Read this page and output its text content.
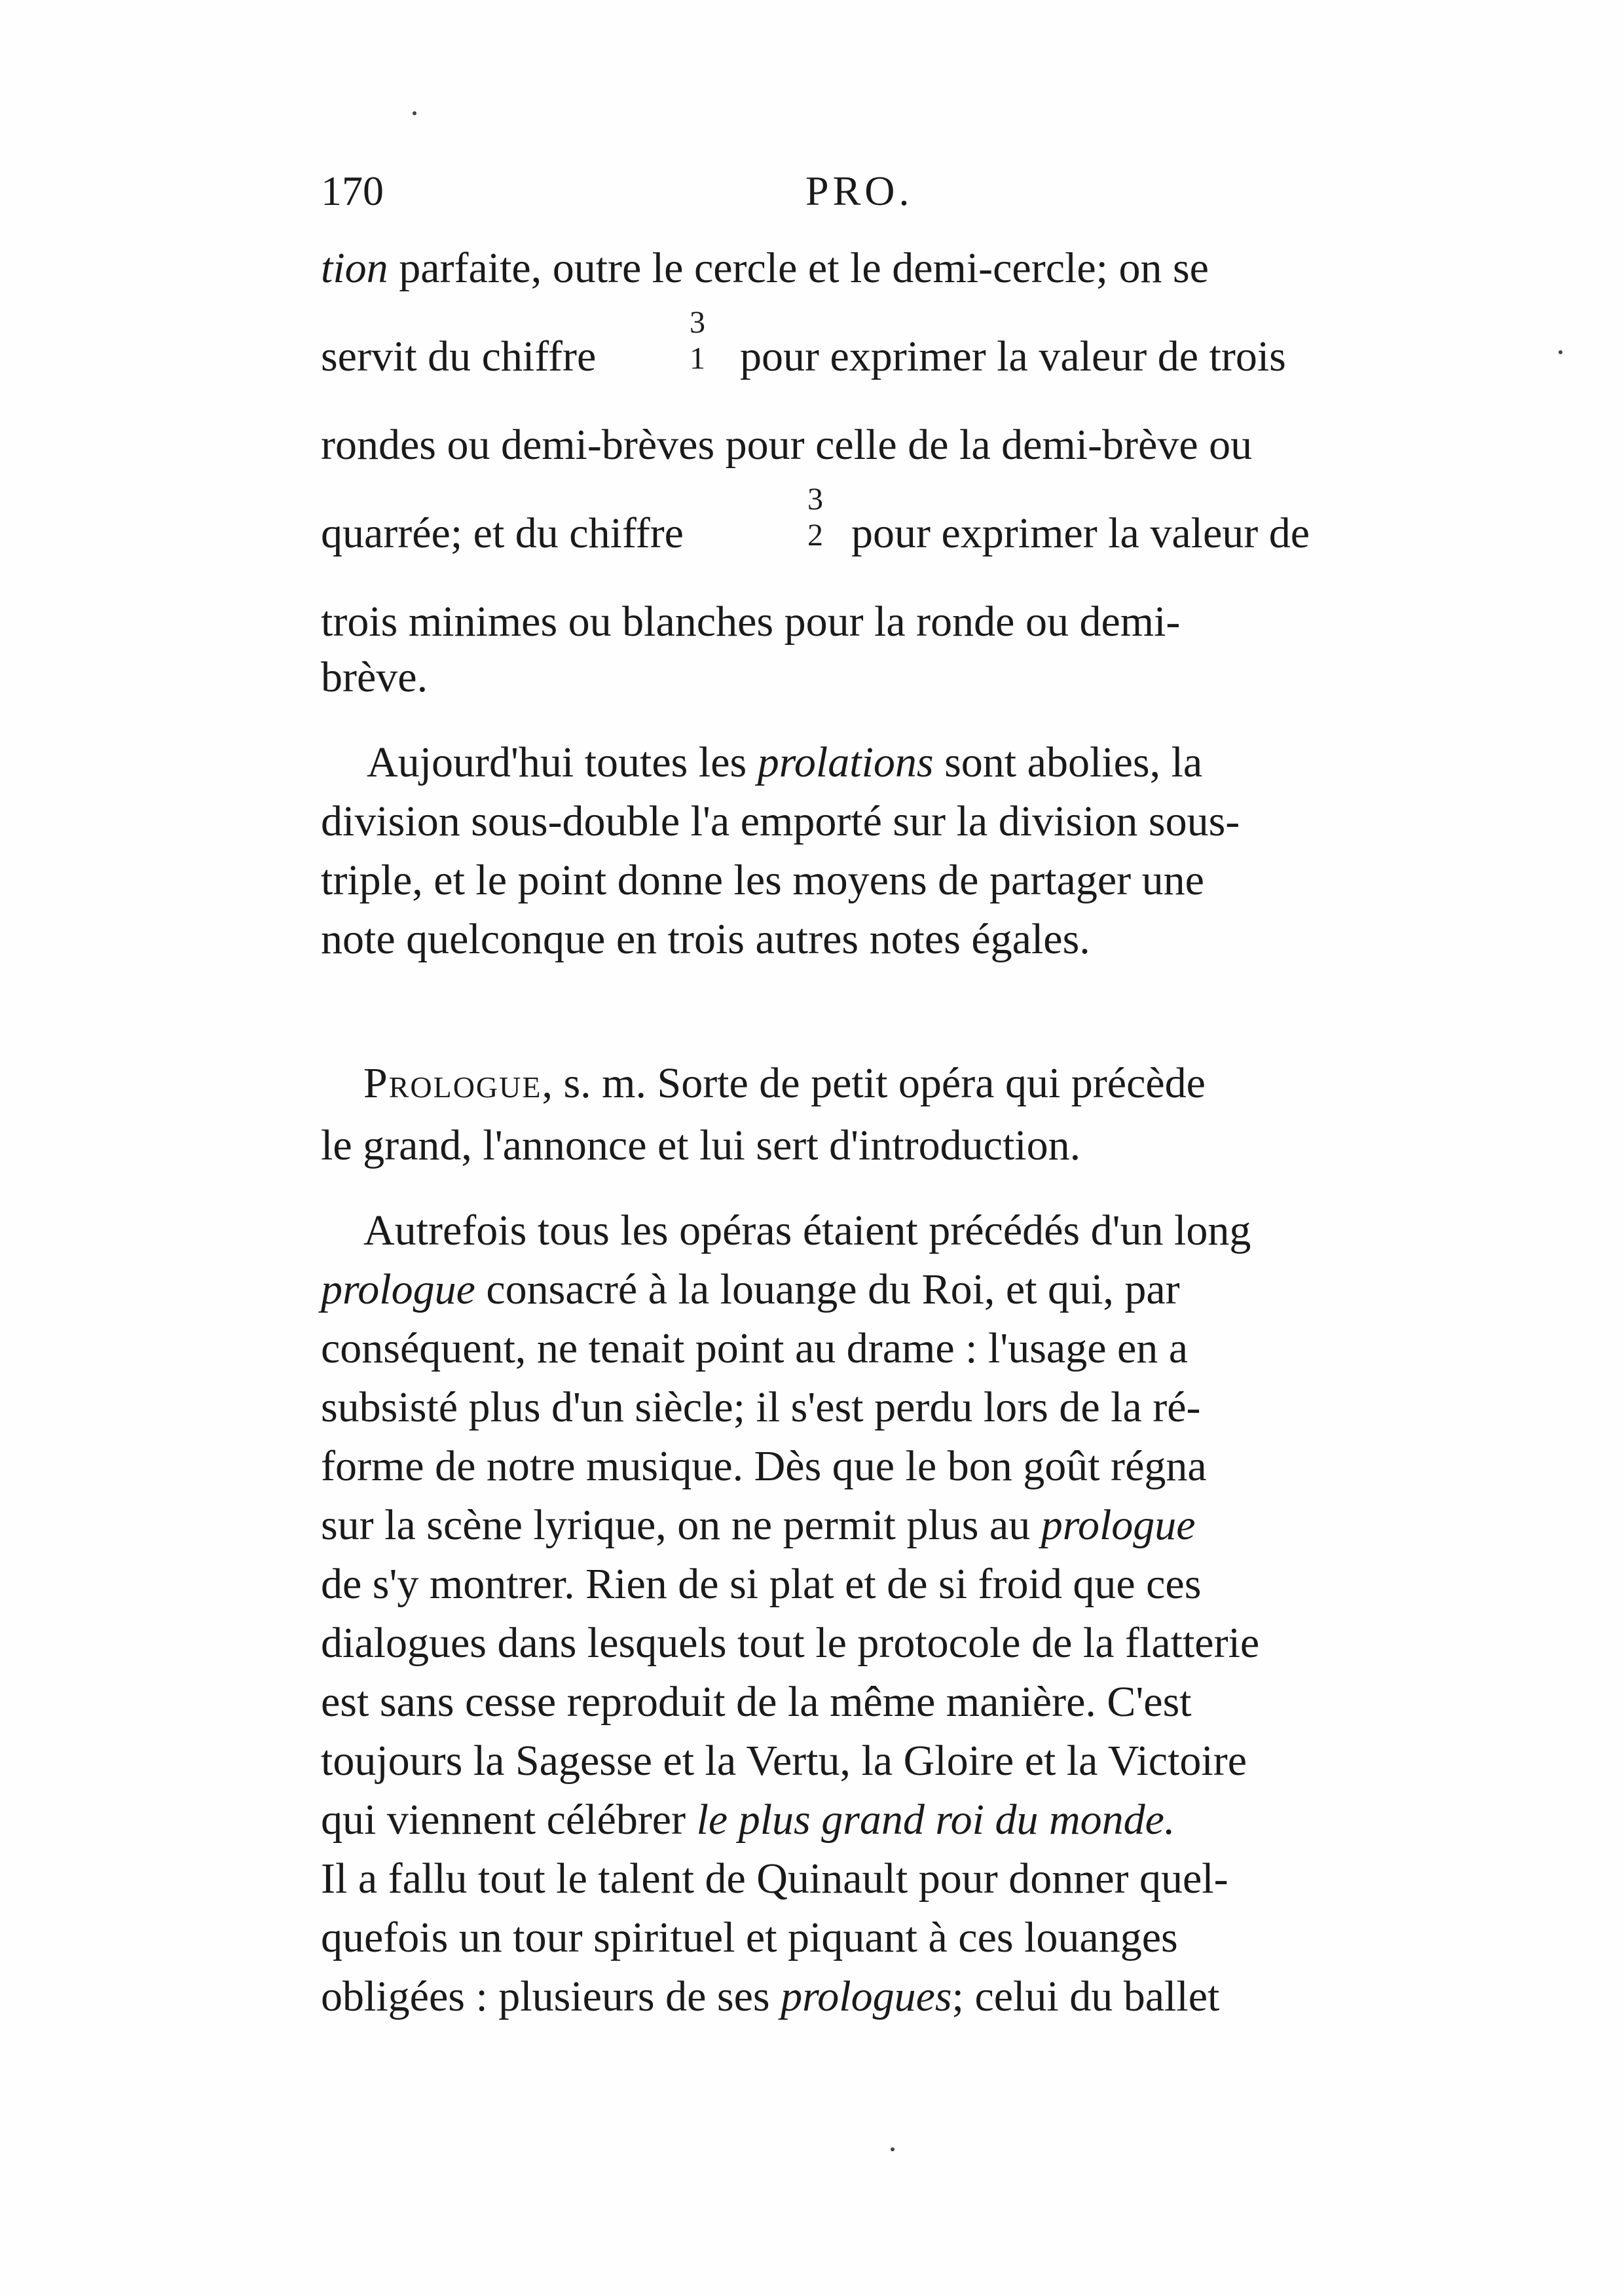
170	PRO.
tion parfaite, outre le cercle et le demi-cercle; on se
servit du chiffre
3
1 pour exprimer la valeur de trois
rondes ou demi-brèves pour celle de la demi-brève ou
quarrée; et du chiffre
3
2 pour exprimer la valeur de
trois minimes ou blanches pour la ronde ou demi-
brève.
Aujourd'hui toutes les prolations sont abolies, la
division sous-double l'a emporté sur la division sous-
triple, et le point donne les moyens de partager une
note quelconque en trois autres notes égales.
Prologue, s. m. Sorte de petit opéra qui précède
le grand, l'annonce et lui sert d'introduction.
Autrefois tous les opéras étaient précédés d'un long
prologue consacré à la louange du Roi, et qui, par
conséquent, ne tenait point au drame : l'usage en a
subsisté plus d'un siècle; il s'est perdu lors de la ré-
forme de notre musique. Dès que le bon goût régna
sur la scène lyrique, on ne permit plus au prologue
de s'y montrer. Rien de si plat et de si froid que ces
dialogues dans lesquels tout le protocole de la flatterie
est sans cesse reproduit de la même manière. C'est
toujours la Sagesse et la Vertu, la Gloire et la Victoire
qui viennent célébrer le plus grand roi du monde.
Il a fallu tout le talent de Quinault pour donner quel-
quefois un tour spirituel et piquant à ces louanges
obligées : plusieurs de ses prologues; celui du ballet
